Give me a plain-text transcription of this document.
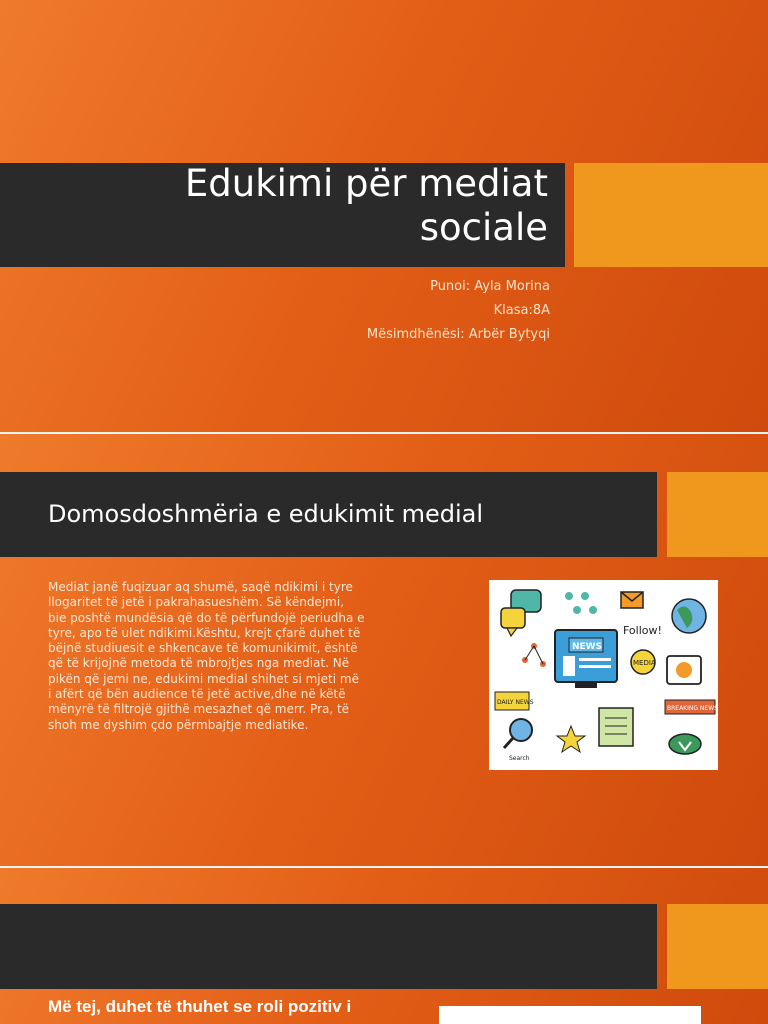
Edukimi për mediat sociale
Punoi: Ayla Morina
Klasa:8A
Mësimdhënësi: Arbër Bytyqi
Domosdoshmëria e edukimit medial
Mediat janë fuqizuar aq shumë, saqë ndikimi i tyre llogaritet të jetë i pakrahasueshëm. Së këndejmi, bie poshtë mundësia që do të përfundojë periudha e tyre, apo të ulet ndikimi.Kështu, krejt çfarë duhet të bëjnë studiuesit e shkencave të komunikimit, është që të krijojnë metoda të mbrojtjes nga mediat. Në pikën që jemi ne, edukimi medial shihet si mjeti më i afërt që bën audience të jetë active,dhe në këtë mënyrë të filtrojë gjithë mesazhet që merr. Pra, të shoh me dyshim çdo përmbajtje mediatike.
Follow!
NEWS
MEDIA
DAILY NEWS
BREAKING NEWS
Search
Më tej, duhet të thuhet se roli pozitiv i
